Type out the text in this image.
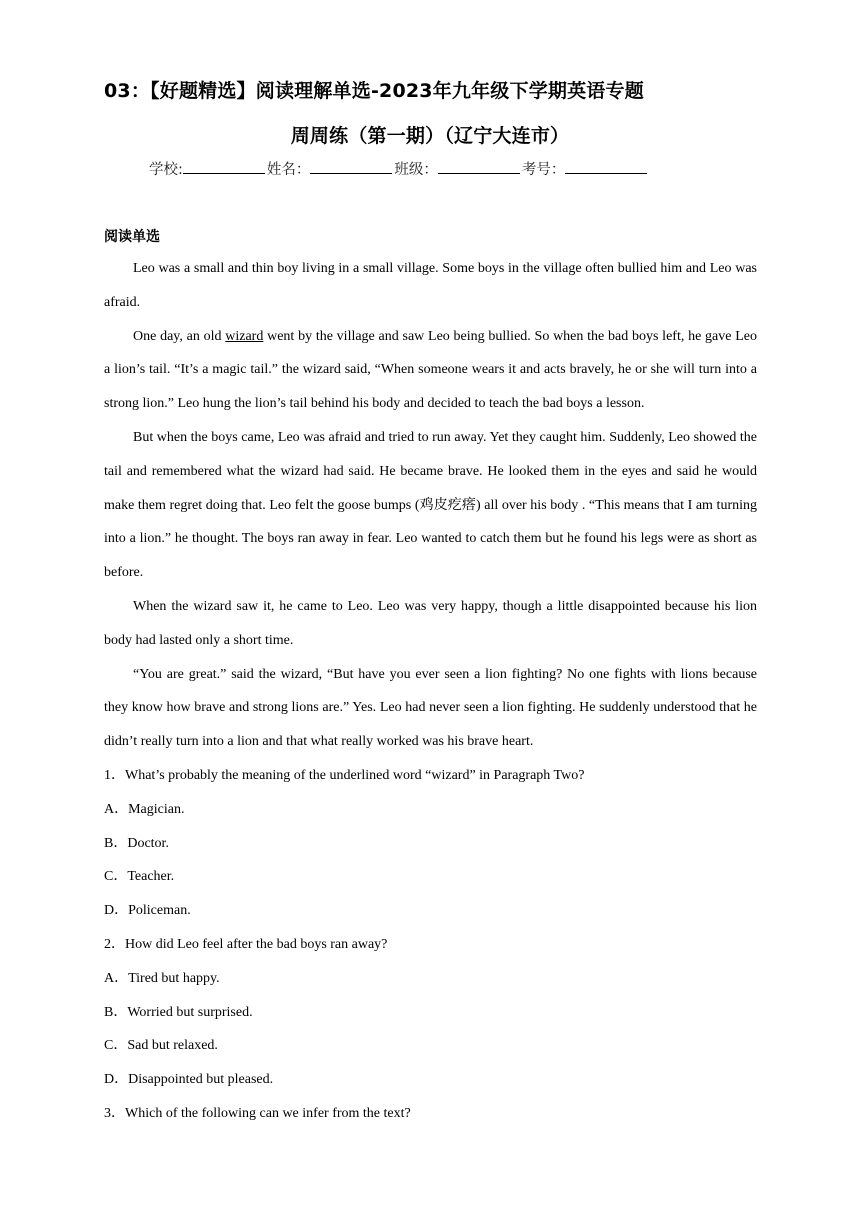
03：【好题精选】阅读理解单选-2023年九年级下学期英语专题
周周练（第一期）（辽宁大连市）
学校:	姓名：	班级：	考号：
阅读单选

Leo was a small and thin boy living in a small village. Some boys in the village often bullied him and Leo was afraid.

One day, an old wizard went by the village and saw Leo being bullied. So when the bad boys left, he gave Leo a lion’s tail. “It’s a magic tail.” the wizard said, “When someone wears it and acts bravely, he or she will turn into a strong lion.” Leo hung the lion’s tail behind his body and decided to teach the bad boys a lesson.

But when the boys came, Leo was afraid and tried to run away. Yet they caught him. Suddenly, Leo showed the tail and remembered what the wizard had said. He became brave. He looked them in the eyes and said he would make them regret doing that. Leo felt the goose bumps (鸡皮疙瘩) all over his body . “This means that I am turning into a lion.” he thought. The boys ran away in fear. Leo wanted to catch them but he found his legs were as short as before.

When the wizard saw it, he came to Leo. Leo was very happy, though a little disappointed because his lion body had lasted only a short time.

“You are great.” said the wizard, “But have you ever seen a lion fighting? No one fights with lions because they know how brave and strong lions are.” Yes. Leo had never seen a lion fighting. He suddenly understood that he didn’t really turn into a lion and that what really worked was his brave heart.

1．What’s probably the meaning of the underlined word “wizard” in Paragraph Two?

A．Magician.

B．Doctor.

C．Teacher.

D．Policeman.

2．How did Leo feel after the bad boys ran away?

A．Tired but happy.

B．Worried but surprised.

C．Sad but relaxed.

D．Disappointed but pleased.

3．Which of the following can we infer from the text?
